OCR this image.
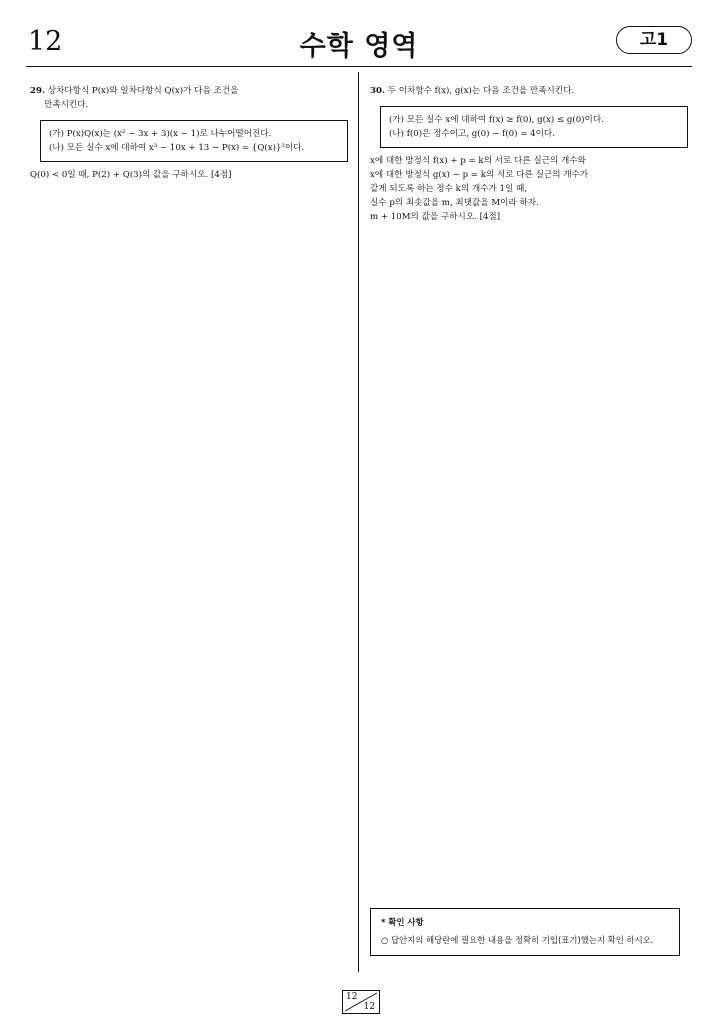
12	수학 영역	고1

29. 상차다항식 P(x)와 일차다항식 Q(x)가 다음 조건을

만족시킨다.

(가) P(x)Q(x)는 (x² − 3x + 3)(x − 1)로 나누어떨어진다.

(나) 모든 실수 x에 대하여 x³ − 10x + 13 − P(x) = {Q(x)}²이다.

Q(0) < 0일 때, P(2) + Q(3)의 값을 구하시오. [4점]

30. 두 이차함수 f(x), g(x)는 다음 조건을 만족시킨다.

(가) 모든 실수 x에 대하여 f(x) ≥ f(0), g(x) ≤ g(0)이다.

(나) f(0)은 정수이고, g(0) − f(0) = 4이다.

x에 대한 방정식 f(x) + p = k의 서로 다른 실근의 개수와

x에 대한 방정식 g(x) − p = k의 서로 다른 실근의 개수가

같게 되도록 하는 정수 k의 개수가 1일 때,

실수 p의 최솟값을 m, 최댓값을 M이라 하자.

m + 10M의 값을 구하시오. [4점]

* 확인 사항
○ 답안지의 해당란에 필요한 내용을 정확히 기입(표기)했는지 확인 하시오.
12
12
